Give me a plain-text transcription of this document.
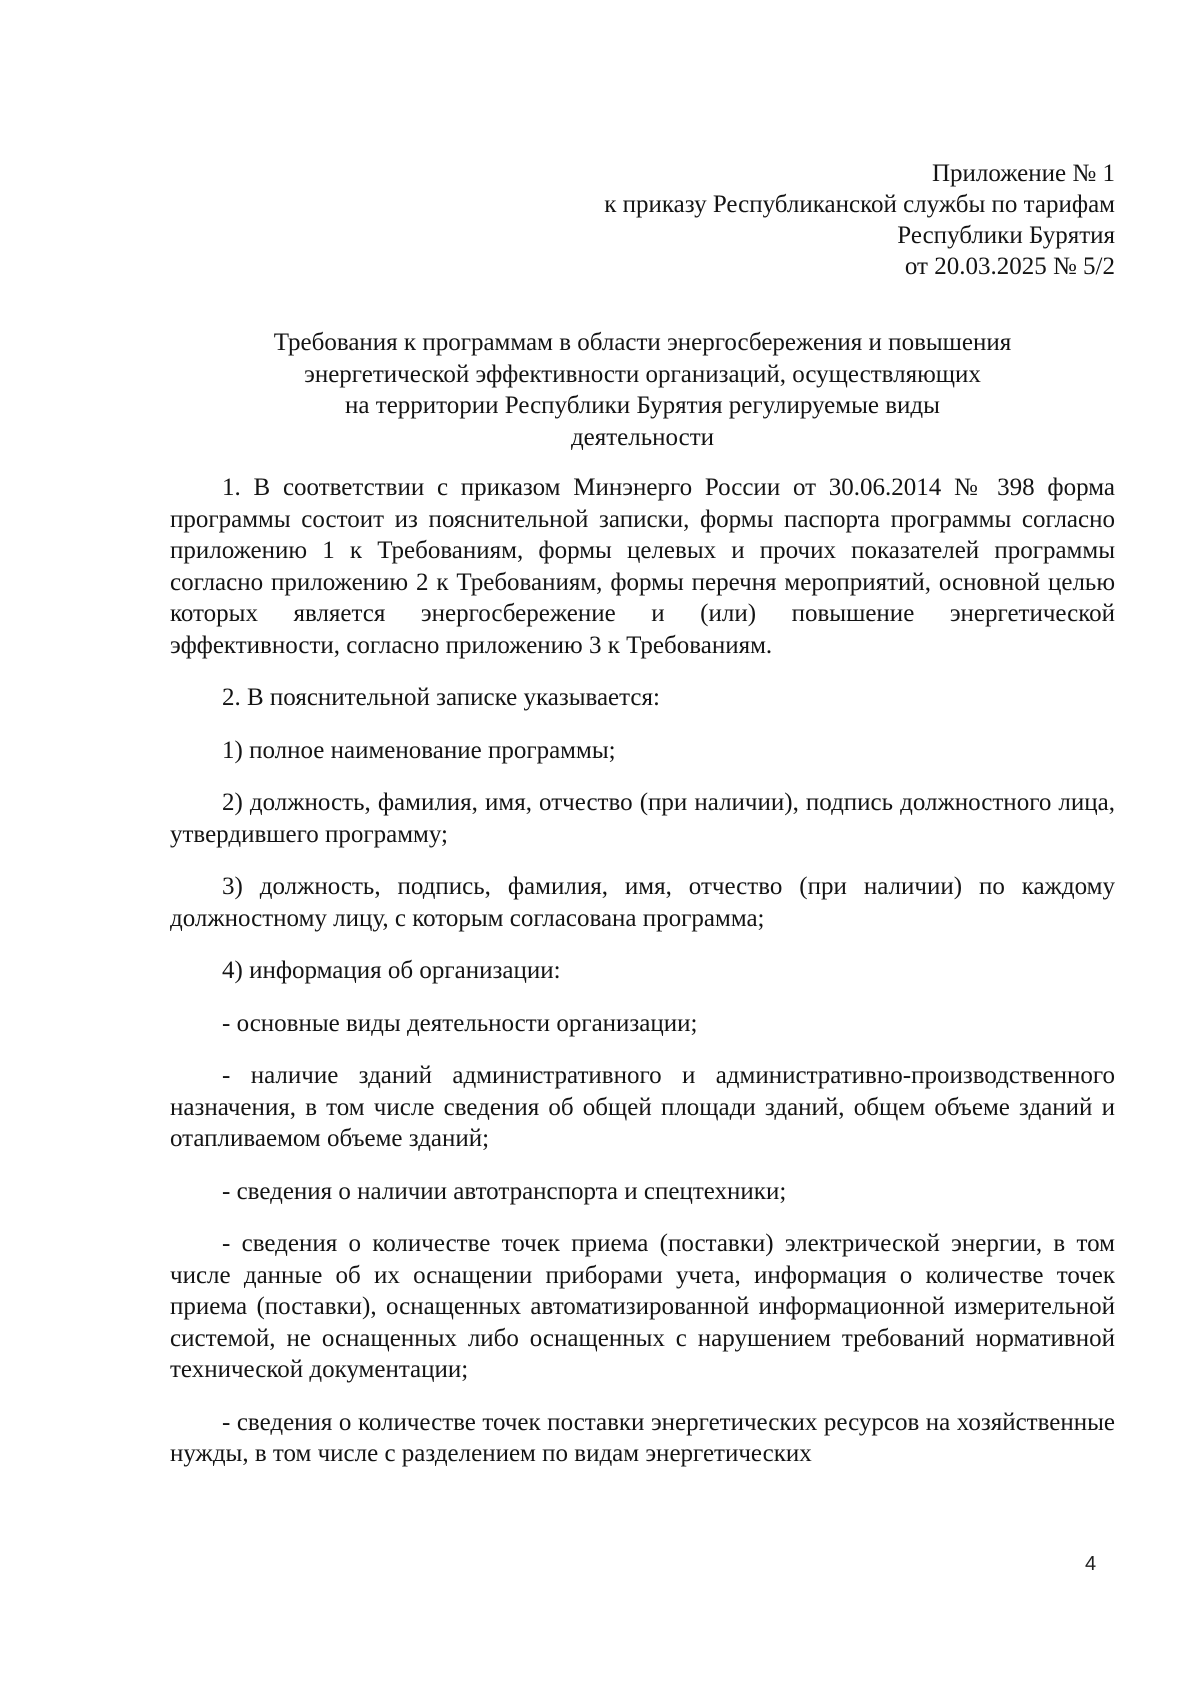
Приложение № 1
к приказу Республиканской службы по тарифам
Республики Бурятия
от 20.03.2025 № 5/2
Требования к программам в области энергосбережения и повышения
энергетической эффективности организаций, осуществляющих
на территории Республики Бурятия регулируемые виды
деятельности

1. В соответствии с приказом Минэнерго России от 30.06.2014 № 398 форма программы состоит из пояснительной записки, формы паспорта программы согласно приложению 1 к Требованиям, формы целевых и прочих показателей программы согласно приложению 2 к Требованиям, формы перечня мероприятий, основной целью которых является энергосбережение и (или) повышение энергетической эффективности, согласно приложению 3 к Требованиям.

2. В пояснительной записке указывается:

1) полное наименование программы;

2) должность, фамилия, имя, отчество (при наличии), подпись должностного лица, утвердившего программу;

3) должность, подпись, фамилия, имя, отчество (при наличии) по каждому должностному лицу, с которым согласована программа;

4) информация об организации:

- основные виды деятельности организации;

- наличие зданий административного и административно-производственного назначения, в том числе сведения об общей площади зданий, общем объеме зданий и отапливаемом объеме зданий;

- сведения о наличии автотранспорта и спецтехники;

- сведения о количестве точек приема (поставки) электрической энергии, в том числе данные об их оснащении приборами учета, информация о количестве точек приема (поставки), оснащенных автоматизированной информационной измерительной системой, не оснащенных либо оснащенных с нарушением требований нормативной технической документации;

- сведения о количестве точек поставки энергетических ресурсов на хозяйственные нужды, в том числе с разделением по видам энергетических

4
